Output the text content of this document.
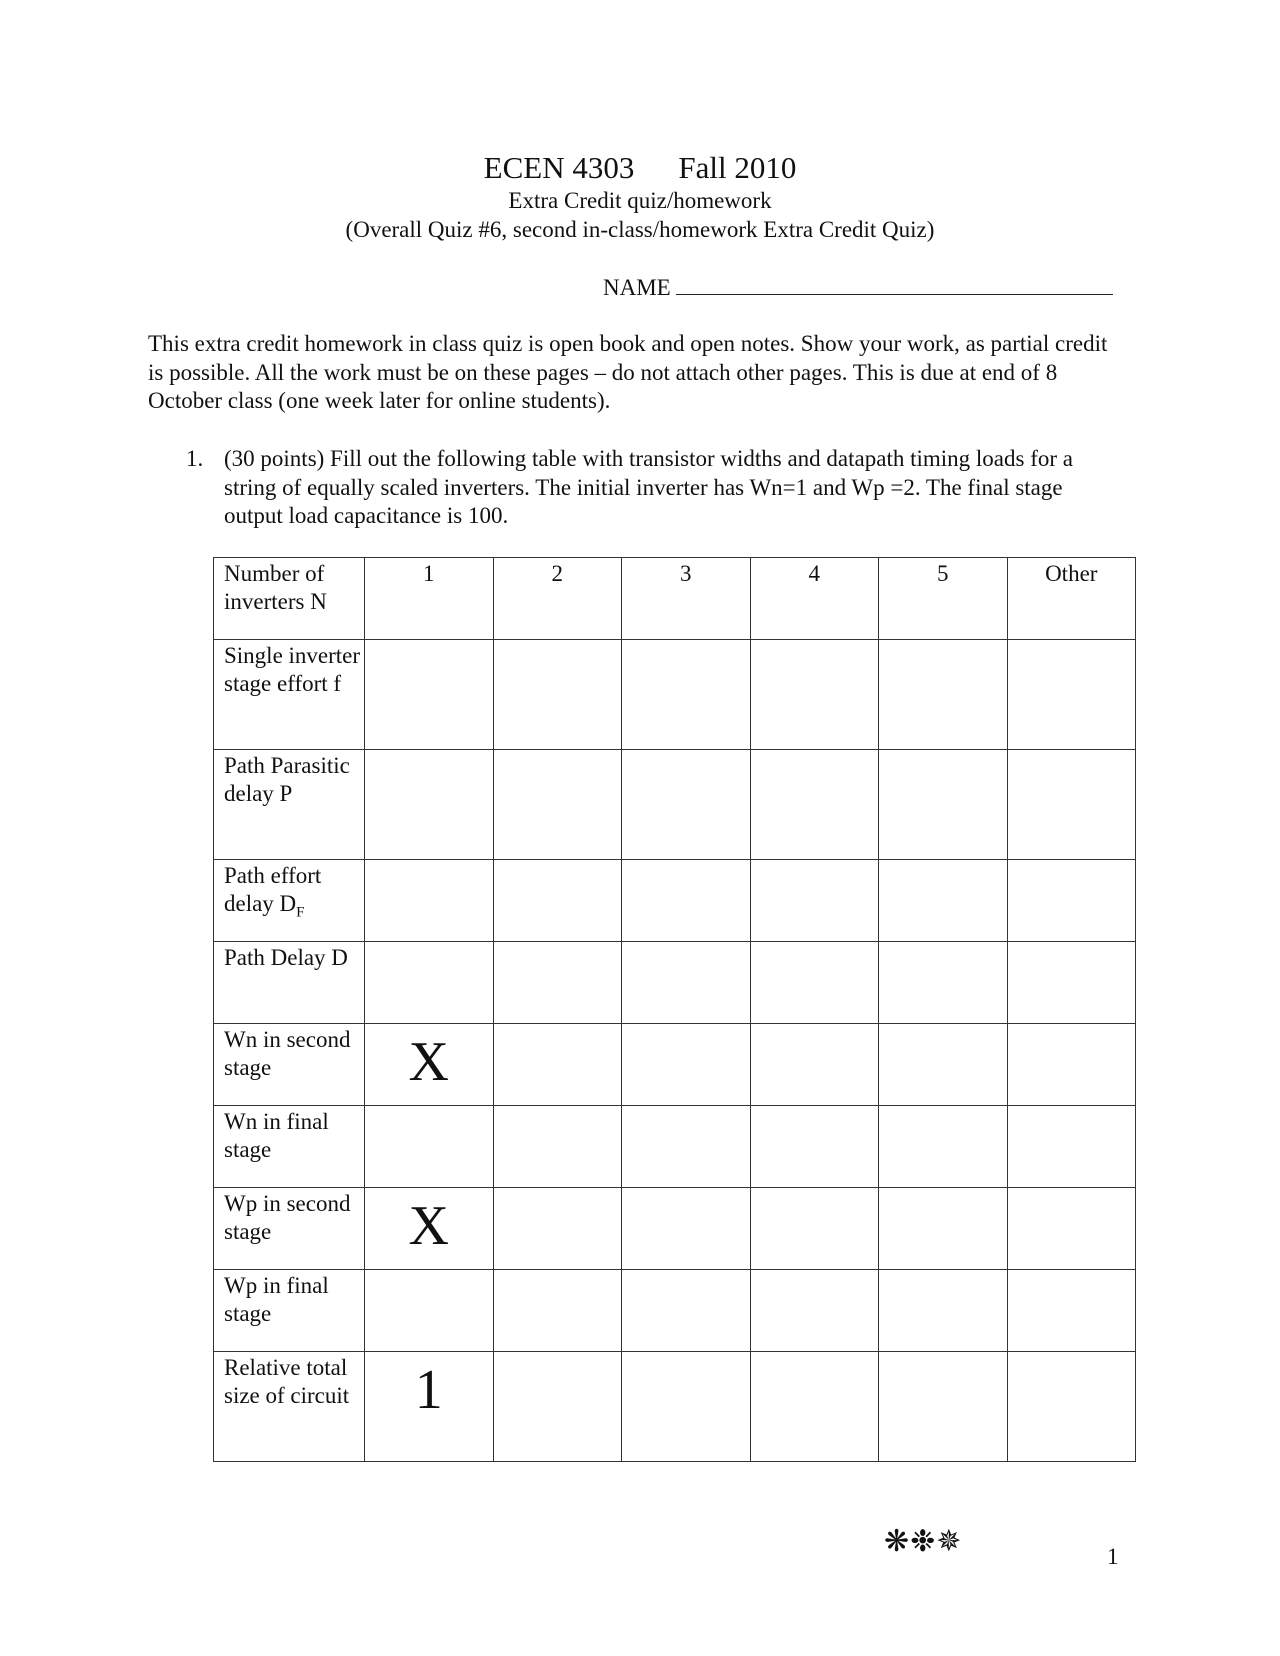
ECEN 4303 Fall 2010
Extra Credit quiz/homework
(Overall Quiz #6, second in-class/homework Extra Credit Quiz)
NAME
This extra credit homework in class quiz is open book and open notes. Show your work, as partial credit is possible. All the work must be on these pages – do not attach other pages. This is due at end of 8 October class (one week later for online students).
1. (30 points) Fill out the following table with transistor widths and datapath timing loads for a string of equally scaled inverters. The initial inverter has Wn=1 and Wp =2. The final stage output load capacitance is 100.
Number of inverters N	1	2	3	4	5	Other
Single inverter stage effort f						
Path Parasitic delay P						
Path effort delay $D_F$						
Path Delay D						
Wn in second stage	X					
Wn in final stage						
Wp in second stage	X					
Wp in final stage						
Relative total size of circuit	1					
❋❉✵	1
